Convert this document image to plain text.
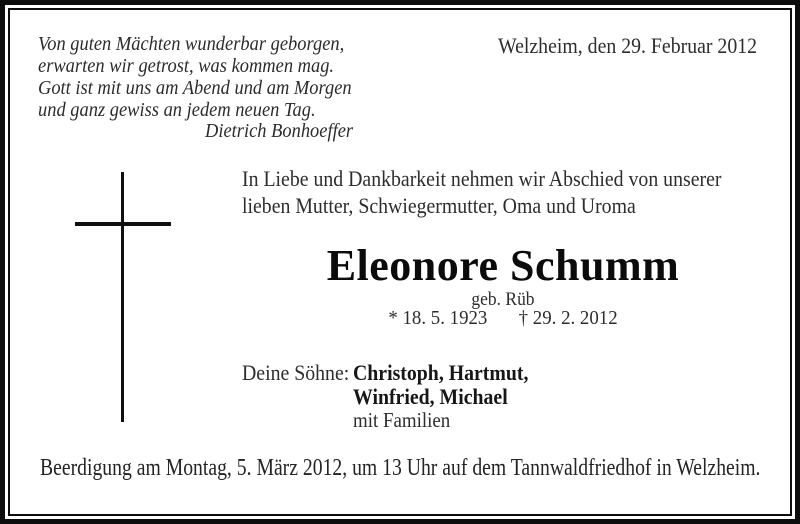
Von guten Mächten wunderbar geborgen,
erwarten wir getrost, was kommen mag.
Gott ist mit uns am Abend und am Morgen
und ganz gewiss an jedem neuen Tag.
Dietrich Bonhoeffer
Welzheim, den 29. Februar 2012
In Liebe und Dankbarkeit nehmen wir Abschied von unserer
lieben Mutter, Schwiegermutter, Oma und Uroma
Eleonore Schumm
geb. Rüb
* 18. 5. 1923 † 29. 2. 2012
Deine Söhne: Christoph, Hartmut,
Winfried, Michael
mit Familien
Beerdigung am Montag, 5. März 2012, um 13 Uhr auf dem Tannwaldfriedhof in Welzheim.
